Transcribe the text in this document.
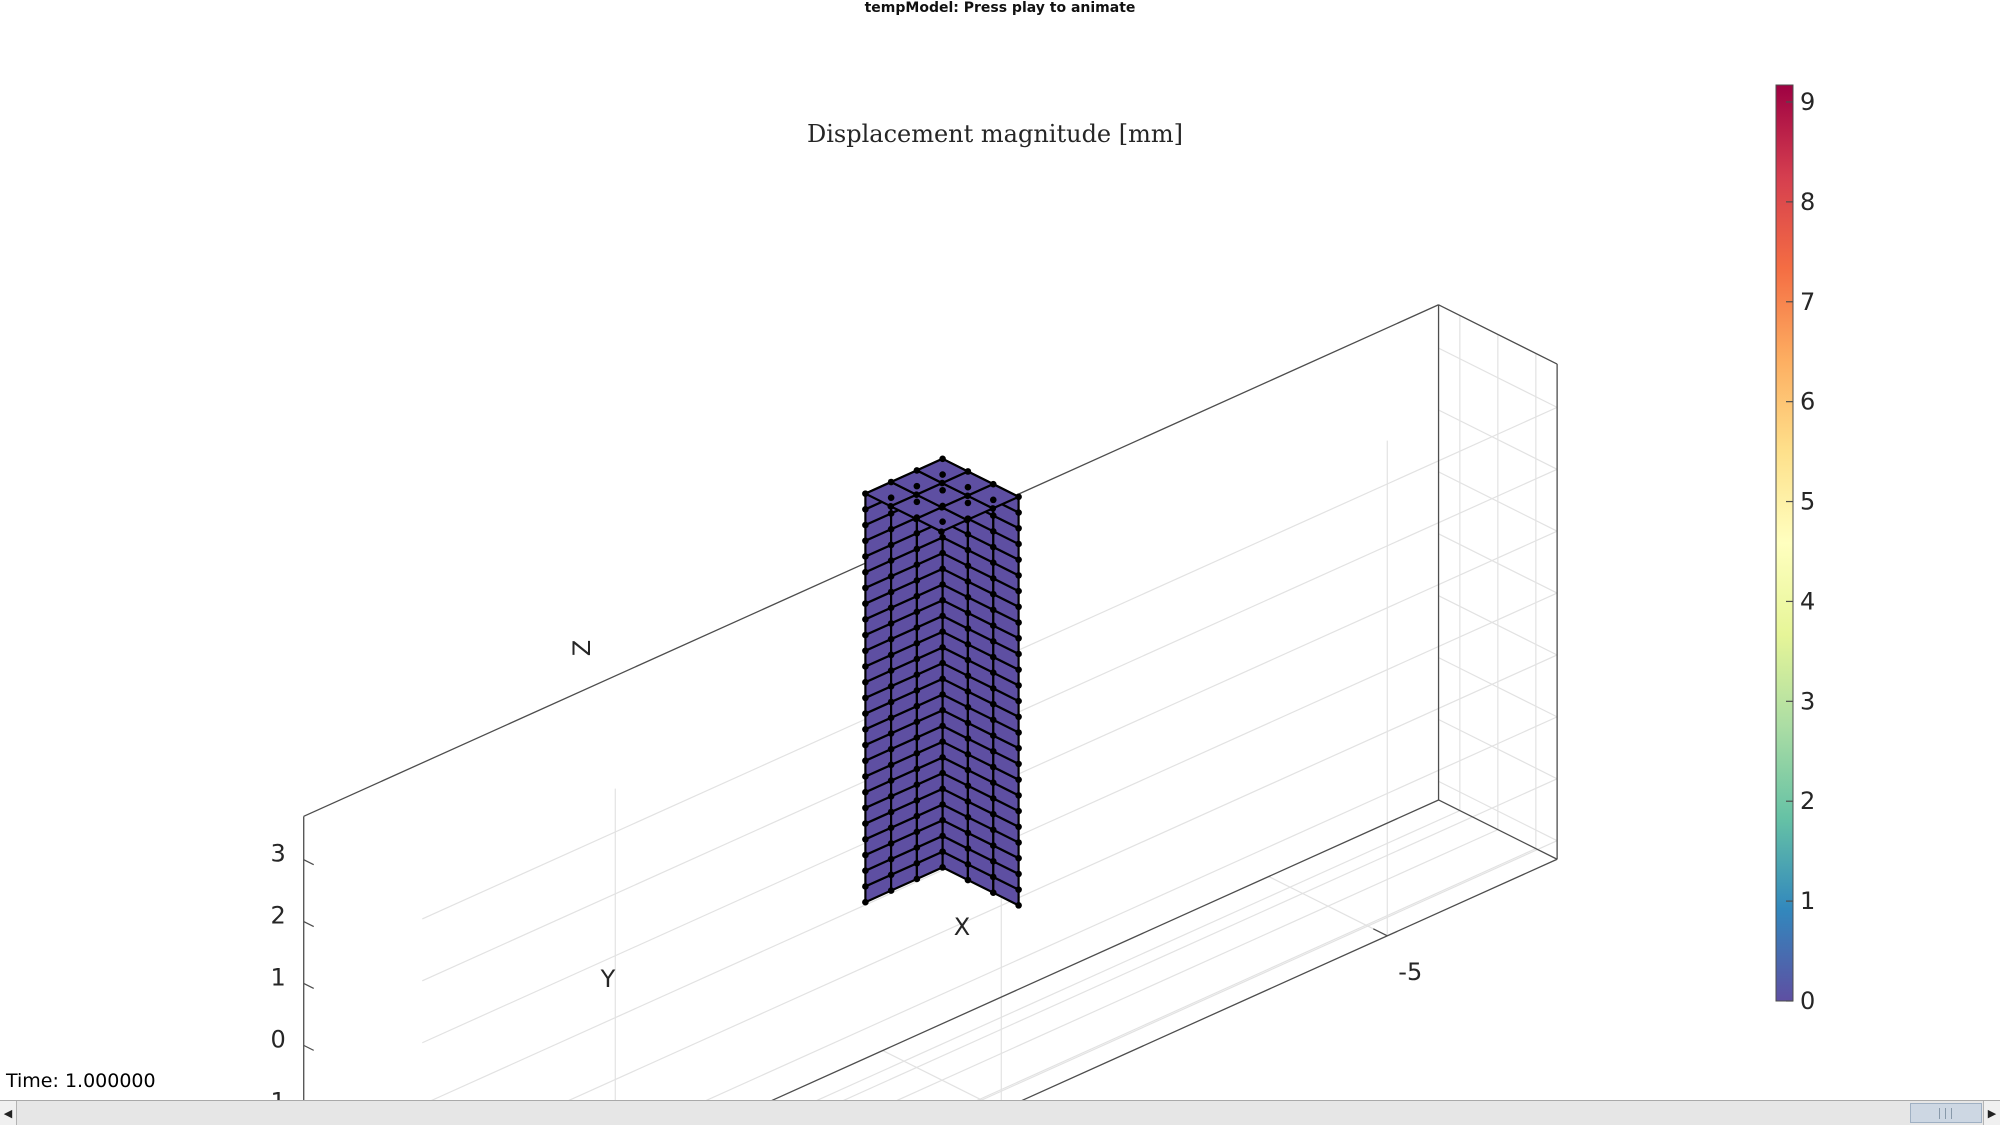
tempModel: Press play to animate
3
2
1
0
-5
Displacement magnitude [mm]
X
Y
Z
0
1
2
3
4
5
6
7
8
9
Time: 1.000000
◀	▶
